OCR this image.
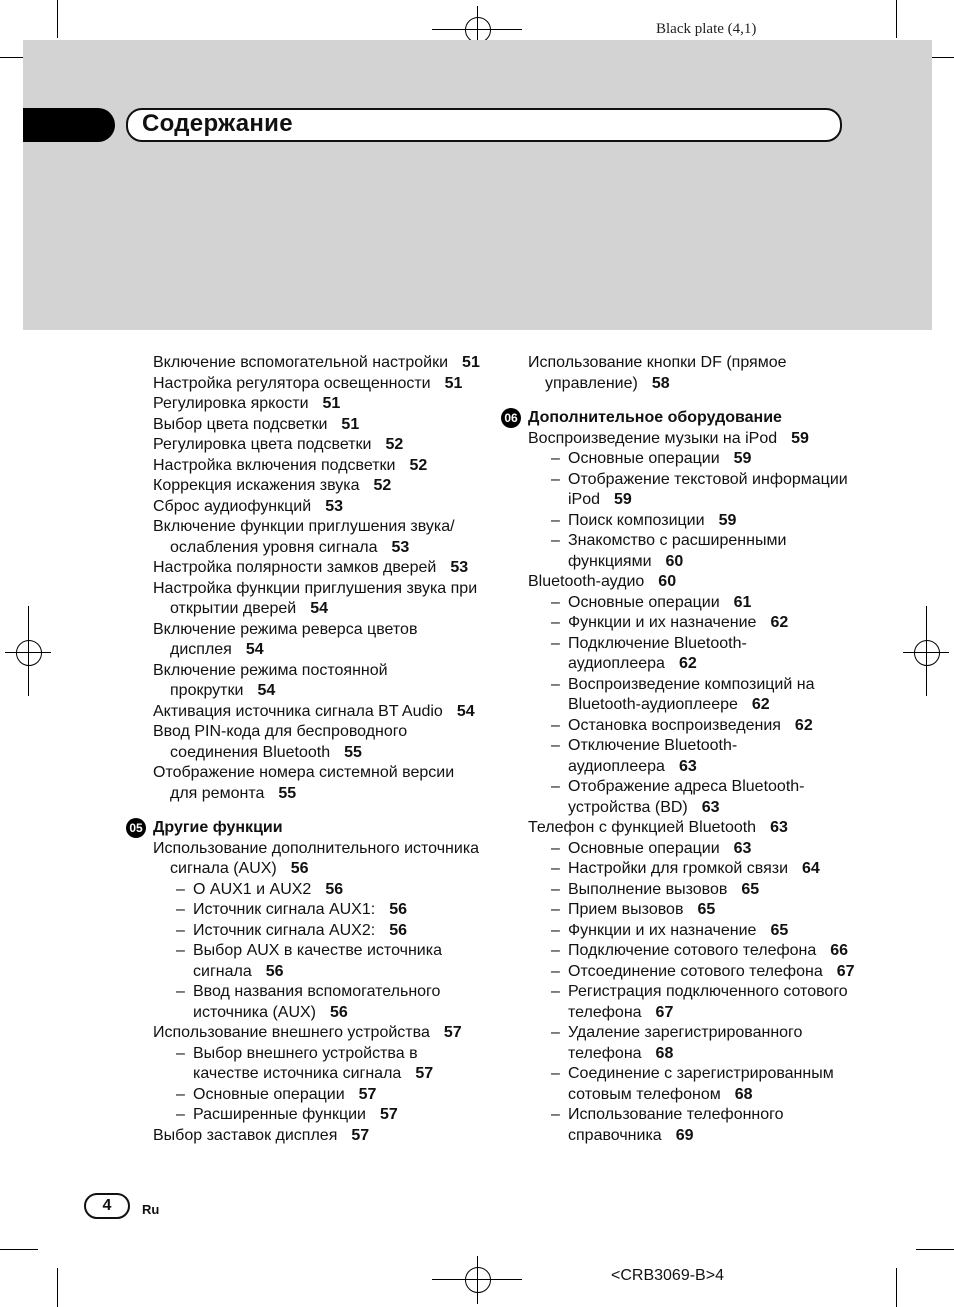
Black plate (4,1)
Содержание
Включение вспомогательной настройки 51
Настройка регулятора освещенности 51
Регулировка яркости 51
Выбор цвета подсветки 51
Регулировка цвета подсветки 52
Настройка включения подсветки 52
Коррекция искажения звука 52
Сброс аудиофункций 53
Включение функции приглушения звука/ ослабления уровня сигнала 53
Настройка полярности замков дверей 53
Настройка функции приглушения звука при открытии дверей 54
Включение режима реверса цветов дисплея 54
Включение режима постоянной прокрутки 54
Активация источника сигнала BT Audio 54
Ввод PIN-кода для беспроводного соединения Bluetooth 55
Отображение номера системной версии для ремонта 55
05 Другие функции
Использование дополнительного источника сигнала (AUX) 56
– О AUX1 и AUX2 56
– Источник сигнала AUX1: 56
– Источник сигнала AUX2: 56
– Выбор AUX в качестве источника сигнала 56
– Ввод названия вспомогательного источника (AUX) 56
Использование внешнего устройства 57
– Выбор внешнего устройства в качестве источника сигнала 57
– Основные операции 57
– Расширенные функции 57
Выбор заставок дисплея 57
Использование кнопки DF (прямое управление) 58
06 Дополнительное оборудование
Воспроизведение музыки на iPod 59
– Основные операции 59
– Отображение текстовой информации iPod 59
– Поиск композиции 59
– Знакомство с расширенными функциями 60
Bluetooth-аудио 60
– Основные операции 61
– Функции и их назначение 62
– Подключение Bluetooth- аудиоплеера 62
– Воспроизведение композиций на Bluetooth-аудиоплеере 62
– Остановка воспроизведения 62
– Отключение Bluetooth- аудиоплеера 63
– Отображение адреса Bluetooth- устройства (BD) 63
Телефон с функцией Bluetooth 63
– Основные операции 63
– Настройки для громкой связи 64
– Выполнение вызовов 65
– Прием вызовов 65
– Функции и их назначение 65
– Подключение сотового телефона 66
– Отсоединение сотового телефона 67
– Регистрация подключенного сотового телефона 67
– Удаление зарегистрированного телефона 68
– Соединение с зарегистрированным сотовым телефоном 68
– Использование телефонного справочника 69
4	Ru
<CRB3069-B>4
